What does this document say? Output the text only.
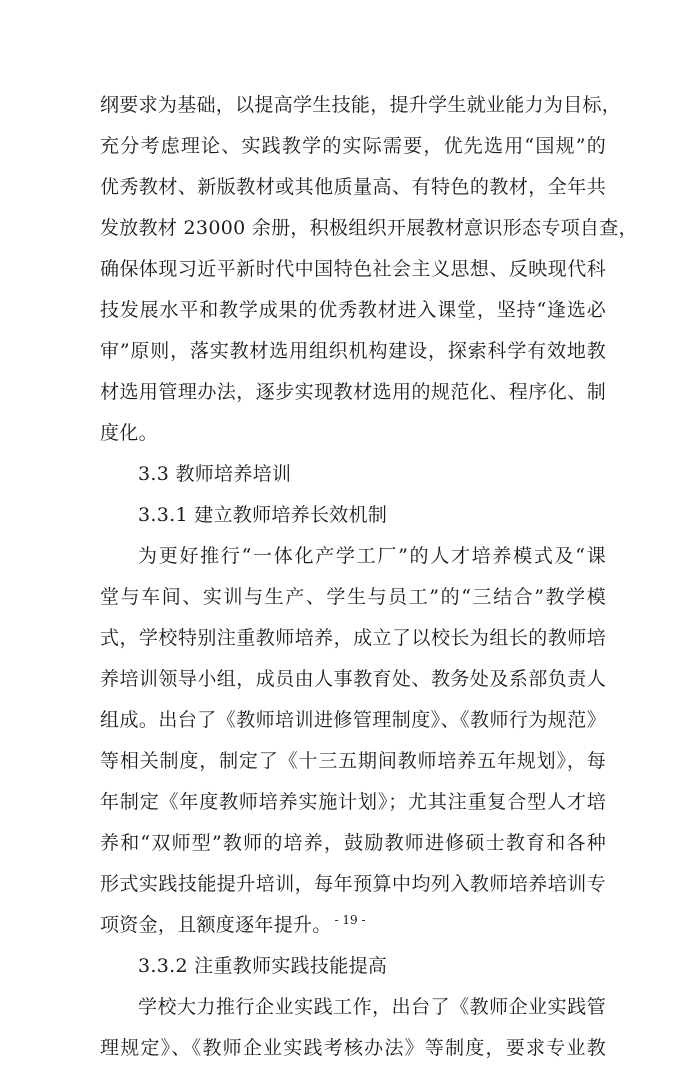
纲要求为基础，以提高学生技能，提升学生就业能力为目标，
充分考虑理论、实践教学的实际需要，优先选用“国规”的
优秀教材、新版教材或其他质量高、有特色的教材，全年共
发放教材 23000 余册，积极组织开展教材意识形态专项自查，
确保体现习近平新时代中国特色社会主义思想、反映现代科
技发展水平和教学成果的优秀教材进入课堂，坚持“逢选必
审”原则，落实教材选用组织机构建设，探索科学有效地教
材选用管理办法，逐步实现教材选用的规范化、程序化、制
度化。
3.3 教师培养培训
3.3.1 建立教师培养长效机制
为更好推行“一体化产学工厂”的人才培养模式及“课
堂与车间、实训与生产、学生与员工”的“三结合”教学模
式，学校特别注重教师培养，成立了以校长为组长的教师培
养培训领导小组，成员由人事教育处、教务处及系部负责人
组成。出台了《教师培训进修管理制度》、《教师行为规范》
等相关制度，制定了《十三五期间教师培养五年规划》，每
年制定《年度教师培养实施计划》；尤其注重复合型人才培
养和“双师型”教师的培养，鼓励教师进修硕士教育和各种
形式实践技能提升培训，每年预算中均列入教师培养培训专
项资金，且额度逐年提升。
3.3.2 注重教师实践技能提高
学校大力推行企业实践工作，出台了《教师企业实践管
理规定》、《教师企业实践考核办法》等制度，要求专业教
- 19 -
